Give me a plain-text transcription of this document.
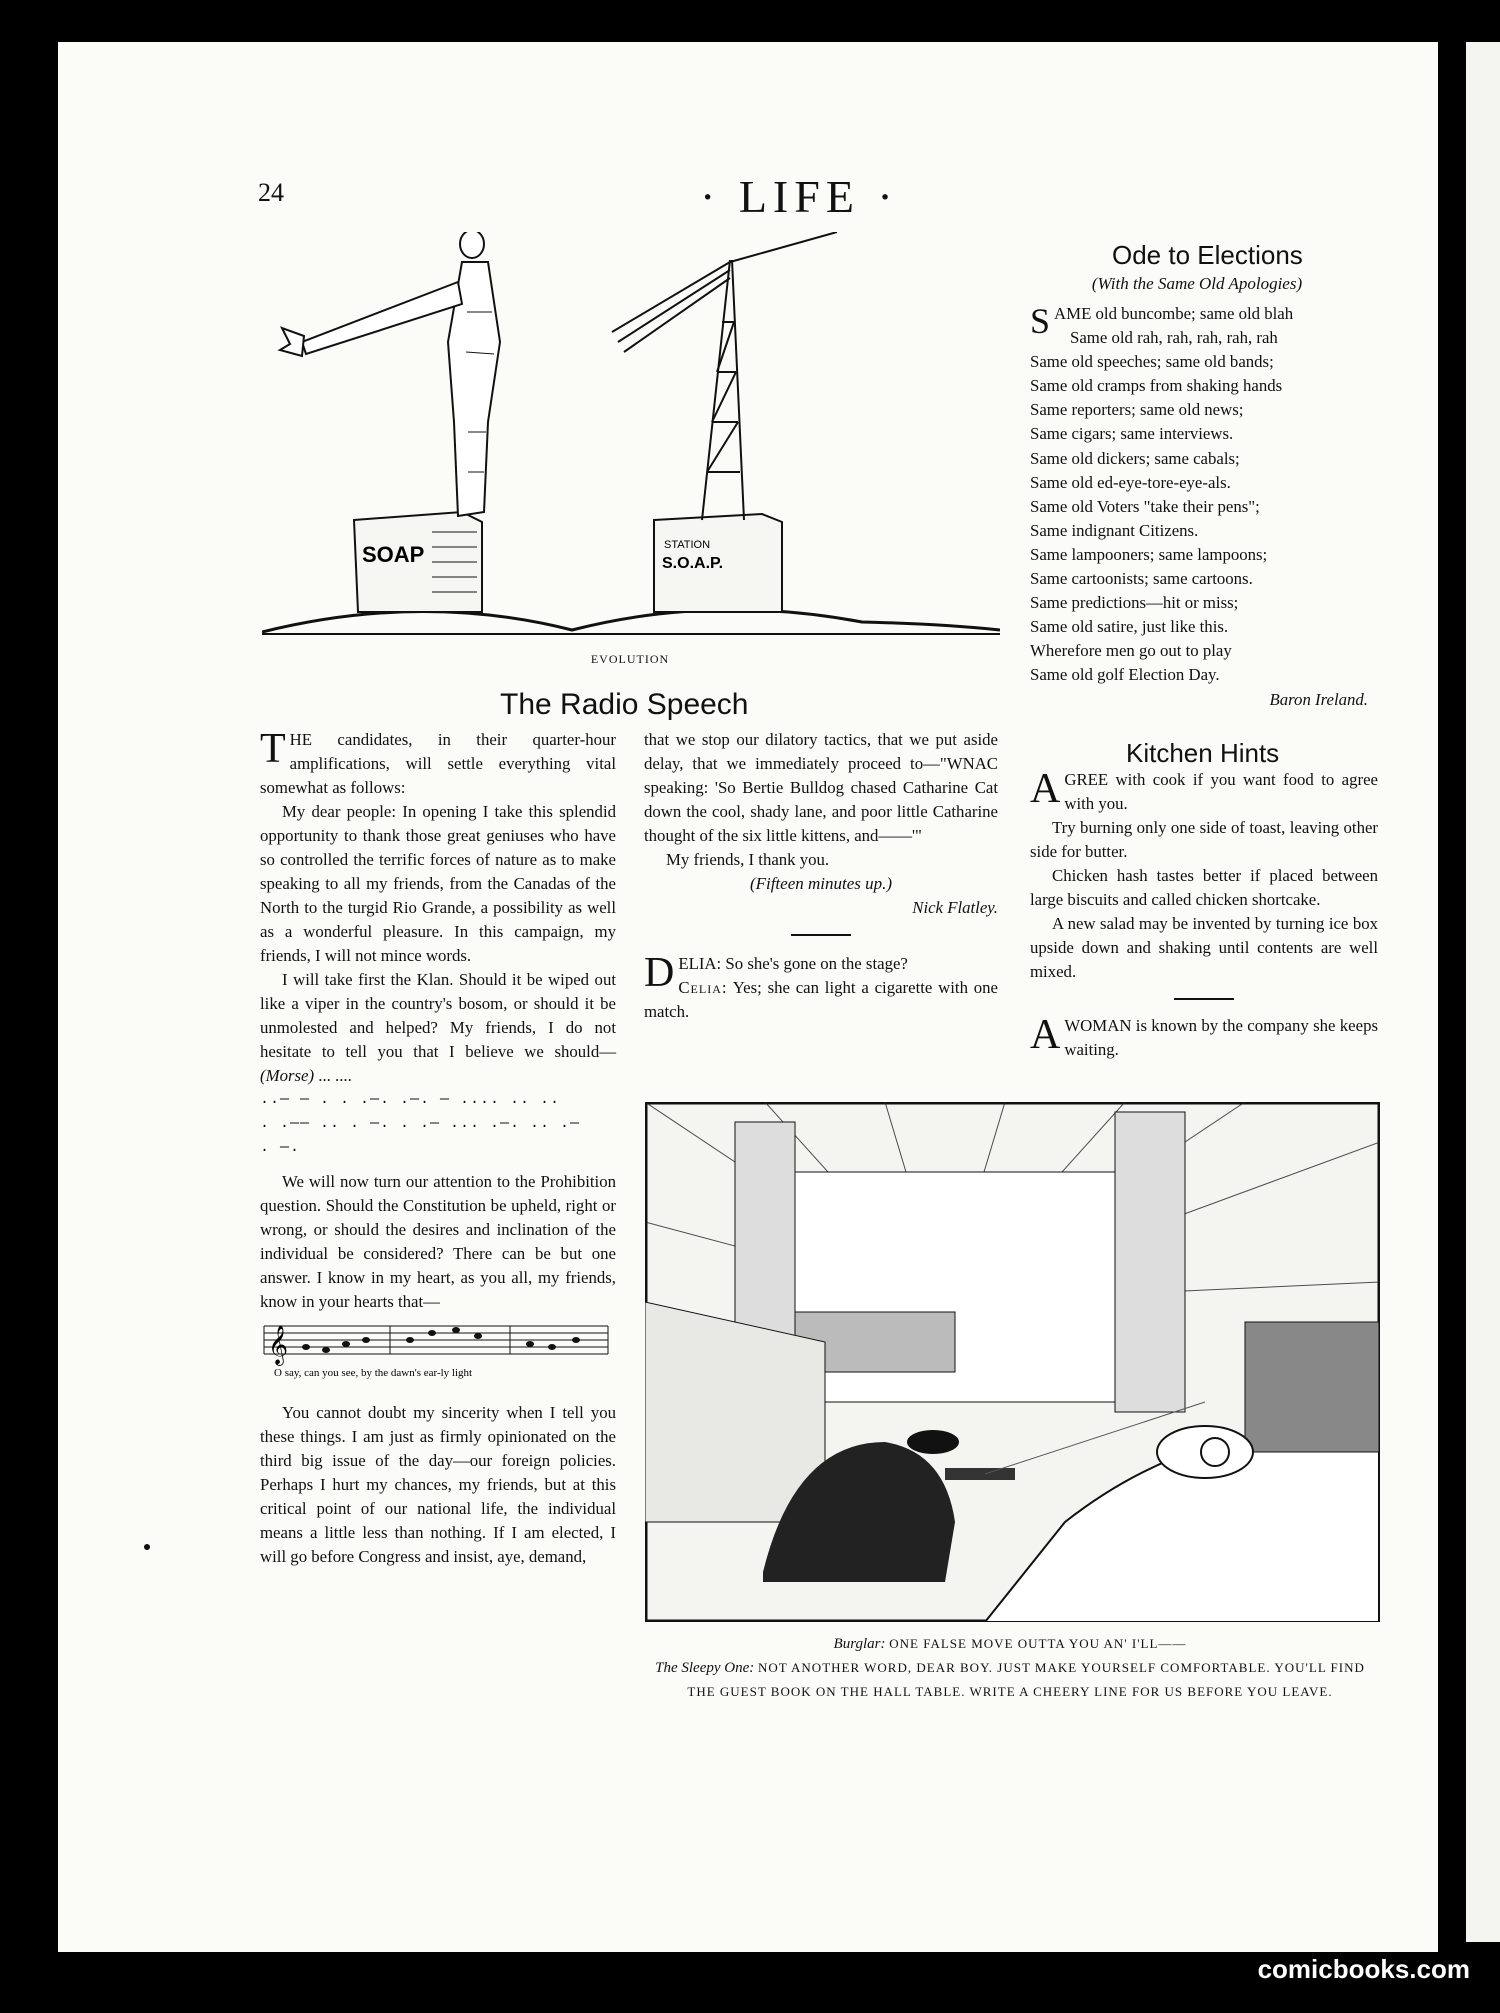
24	· LIFE ·
SOAP	STATION
S.O.A.P.
EVOLUTION
The Radio Speech

THE candidates, in their quarter-hour amplifications, will settle everything vital somewhat as follows:

My dear people: In opening I take this splendid opportunity to thank those great geniuses who have so controlled the terrific forces of nature as to make speaking to all my friends, from the Canadas of the North to the turgid Rio Grande, a possibility as well as a wonderful pleasure. In this campaign, my friends, I will not mince words.

I will take first the Klan. Should it be wiped out like a viper in the country's bosom, or should it be unmolested and helped? My friends, I do not hesitate to tell you that I believe we should—(Morse) ... ....

..— — . . .—. .—. — .... .. ..
. .—— .. . —. . .— ... .—. .. .—
. —.

We will now turn our attention to the Prohibition question. Should the Constitution be upheld, right or wrong, or should the desires and inclination of the individual be considered? There can be but one answer. I know in my heart, as you all, my friends, know in your hearts that—

𝄞
O say, can you see, by the dawn's ear-ly light

You cannot doubt my sincerity when I tell you these things. I am just as firmly opinionated on the third big issue of the day—our foreign policies. Perhaps I hurt my chances, my friends, but at this critical point of our national life, the individual means a little less than nothing. If I am elected, I will go before Congress and insist, aye, demand,

that we stop our dilatory tactics, that we put aside delay, that we immediately proceed to—"WNAC speaking: 'So Bertie Bulldog chased Catharine Cat down the cool, shady lane, and poor little Catharine thought of the six little kittens, and——'"

My friends, I thank you.

(Fifteen minutes up.)
Nick Flatley.

DELIA: So she's gone on the stage?
Celia: Yes; she can light a cigarette with one match.

Ode to Elections
(With the Same Old Apologies)
S AME old buncombe; same old blah
Same old rah, rah, rah, rah, rah
Same old speeches; same old bands;
Same old cramps from shaking hands
Same reporters; same old news;
Same cigars; same interviews.
Same old dickers; same cabals;
Same old ed-eye-tore-eye-als.
Same old Voters "take their pens";
Same indignant Citizens.
Same lampooners; same lampoons;
Same cartoonists; same cartoons.
Same predictions—hit or miss;
Same old satire, just like this.
Wherefore men go out to play
Same old golf Election Day.
Baron Ireland.
Kitchen Hints

AGREE with cook if you want food to agree with you.

Try burning only one side of toast, leaving other side for butter.

Chicken hash tastes better if placed between large biscuits and called chicken shortcake.

A new salad may be invented by turning ice box upside down and shaking until contents are well mixed.

AWOMAN is known by the company she keeps waiting.

Burglar: ONE FALSE MOVE OUTTA YOU AN' I'LL——
The Sleepy One: NOT ANOTHER WORD, DEAR BOY. JUST MAKE YOURSELF COMFORTABLE. YOU'LL FIND THE GUEST BOOK ON THE HALL TABLE. WRITE A CHEERY LINE FOR US BEFORE YOU LEAVE.
comicbooks.com
